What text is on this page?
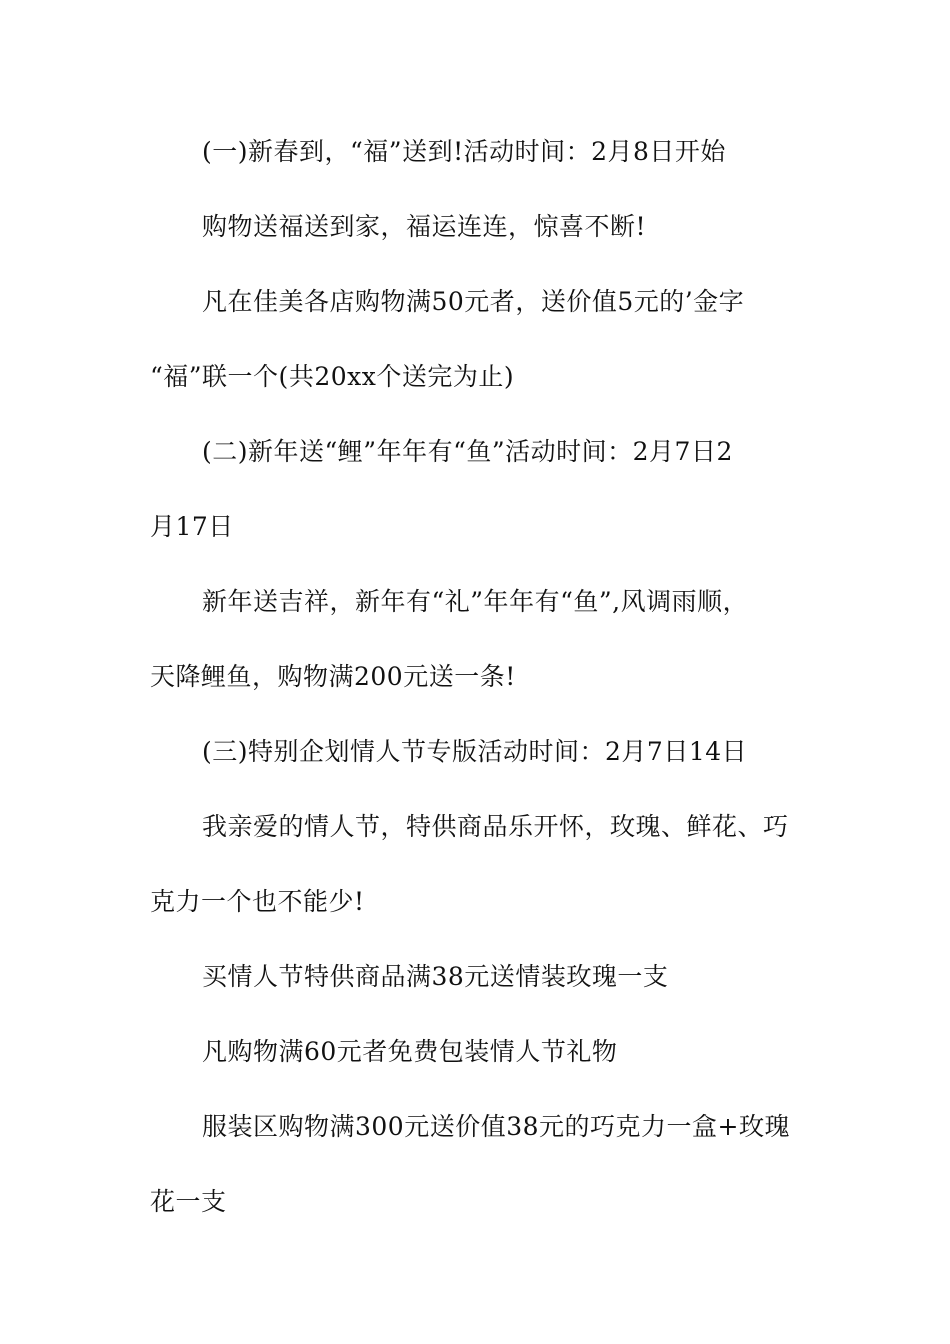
(一)新春到，“福”送到!活动时间：2月8日开始
购物送福送到家，福运连连，惊喜不断!
凡在佳美各店购物满50元者，送价值5元的’金字
“福”联一个(共20xx个送完为止)
(二)新年送“鲤”年年有“鱼”活动时间：2月7日2
月17日
新年送吉祥，新年有“礼”年年有“鱼”,风调雨顺，
天降鲤鱼，购物满200元送一条!
(三)特别企划情人节专版活动时间：2月7日14日
我亲爱的情人节，特供商品乐开怀，玫瑰、鲜花、巧
克力一个也不能少!
买情人节特供商品满38元送情装玫瑰一支
凡购物满60元者免费包装情人节礼物
服装区购物满300元送价值38元的巧克力一盒+玫瑰
花一支
